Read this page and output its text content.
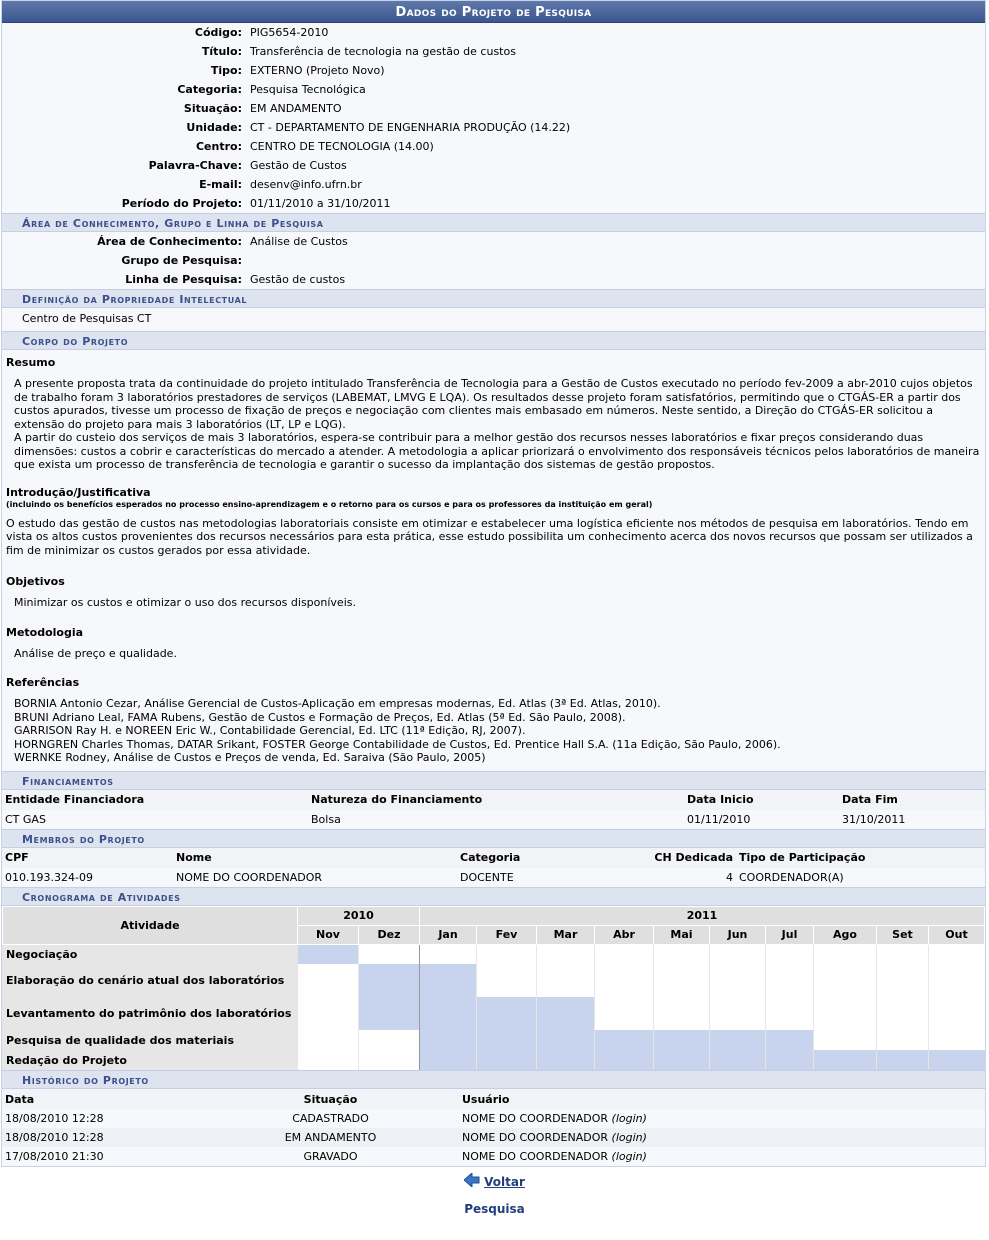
Dados do Projeto de Pesquisa
Código:	PIG5654-2010
Título:	Transferência de tecnologia na gestão de custos
Tipo:	EXTERNO (Projeto Novo)
Categoria:	Pesquisa Tecnológica
Situação:	EM ANDAMENTO
Unidade:	CT - DEPARTAMENTO DE ENGENHARIA PRODUÇÃO (14.22)
Centro:	CENTRO DE TECNOLOGIA (14.00)
Palavra-Chave:	Gestão de Custos
E-mail:	desenv@info.ufrn.br
Período do Projeto:	01/11/2010 a 31/10/2011
Área de Conhecimento, Grupo e Linha de Pesquisa
Área de Conhecimento:	Análise de Custos
Grupo de Pesquisa:	
Linha de Pesquisa:	Gestão de custos
Definição da Propriedade Intelectual
Centro de Pesquisas CT
Corpo do Projeto
Resumo
A presente proposta trata da continuidade do projeto intitulado Transferência de Tecnologia para a Gestão de Custos executado no período fev-2009 a abr-2010 cujos objetos de trabalho foram 3 laboratórios prestadores de serviços (LABEMAT, LMVG E LQA). Os resultados desse projeto foram satisfatórios, permitindo que o CTGÁS-ER a partir dos custos apurados, tivesse um processo de fixação de preços e negociação com clientes mais embasado em números. Neste sentido, a Direção do CTGÁS-ER solicitou a extensão do projeto para mais 3 laboratórios (LT, LP e LQG).
A partir do custeio dos serviços de mais 3 laboratórios, espera-se contribuir para a melhor gestão dos recursos nesses laboratórios e fixar preços considerando duas dimensões: custos a cobrir e características do mercado a atender. A metodologia a aplicar priorizará o envolvimento dos responsáveis técnicos pelos laboratórios de maneira que exista um processo de transferência de tecnologia e garantir o sucesso da implantação dos sistemas de gestão propostos.
Introdução/Justificativa
(incluindo os benefícios esperados no processo ensino-aprendizagem e o retorno para os cursos e para os professores da instituição em geral)
O estudo das gestão de custos nas metodologias laboratoriais consiste em otimizar e estabelecer uma logística eficiente nos métodos de pesquisa em laboratórios. Tendo em vista os altos custos provenientes dos recursos necessários para esta prática, esse estudo possibilita um conhecimento acerca dos novos recursos que possam ser utilizados a fim de minimizar os custos gerados por essa atividade.
Objetivos
Minimizar os custos e otimizar o uso dos recursos disponíveis.
Metodologia
Análise de preço e qualidade.
Referências
BORNIA Antonio Cezar, Análise Gerencial de Custos-Aplicação em empresas modernas, Ed. Atlas (3ª Ed. Atlas, 2010).
BRUNI Adriano Leal, FAMA Rubens, Gestão de Custos e Formação de Preços, Ed. Atlas (5ª Ed. São Paulo, 2008).
GARRISON Ray H. e NOREEN Eric W., Contabilidade Gerencial, Ed. LTC (11ª Edição, RJ, 2007).
HORNGREN Charles Thomas, DATAR Srikant, FOSTER George Contabilidade de Custos, Ed. Prentice Hall S.A. (11a Edição, São Paulo, 2006).
WERNKE Rodney, Análise de Custos e Preços de venda, Ed. Saraiva (São Paulo, 2005)
Financiamentos
Entidade Financiadora	Natureza do Financiamento	Data Inicio	Data Fim
CT GAS	Bolsa	01/11/2010	31/10/2011
Membros do Projeto
CPF	Nome	Categoria	CH Dedicada	Tipo de Participação
010.193.324-09	NOME DO COORDENADOR	DOCENTE	4	COORDENADOR(A)
Cronograma de Atividades
Atividade	2010		2011									
	Nov	Dez	Jan	Fev	Mar	Abr	Mai	Jun	Jul	Ago	Set	Out
Negociação												
Elaboração do cenário atual dos laboratórios												
Levantamento do patrimônio dos laboratórios												
Pesquisa de qualidade dos materiais												
Redação do Projeto												
Histórico do Projeto
Data	Situação	Usuário
18/08/2010 12:28	CADASTRADO	NOME DO COORDENADOR (login)
18/08/2010 12:28	EM ANDAMENTO	NOME DO COORDENADOR (login)
17/08/2010 21:30	GRAVADO	NOME DO COORDENADOR (login)
Voltar
Pesquisa
